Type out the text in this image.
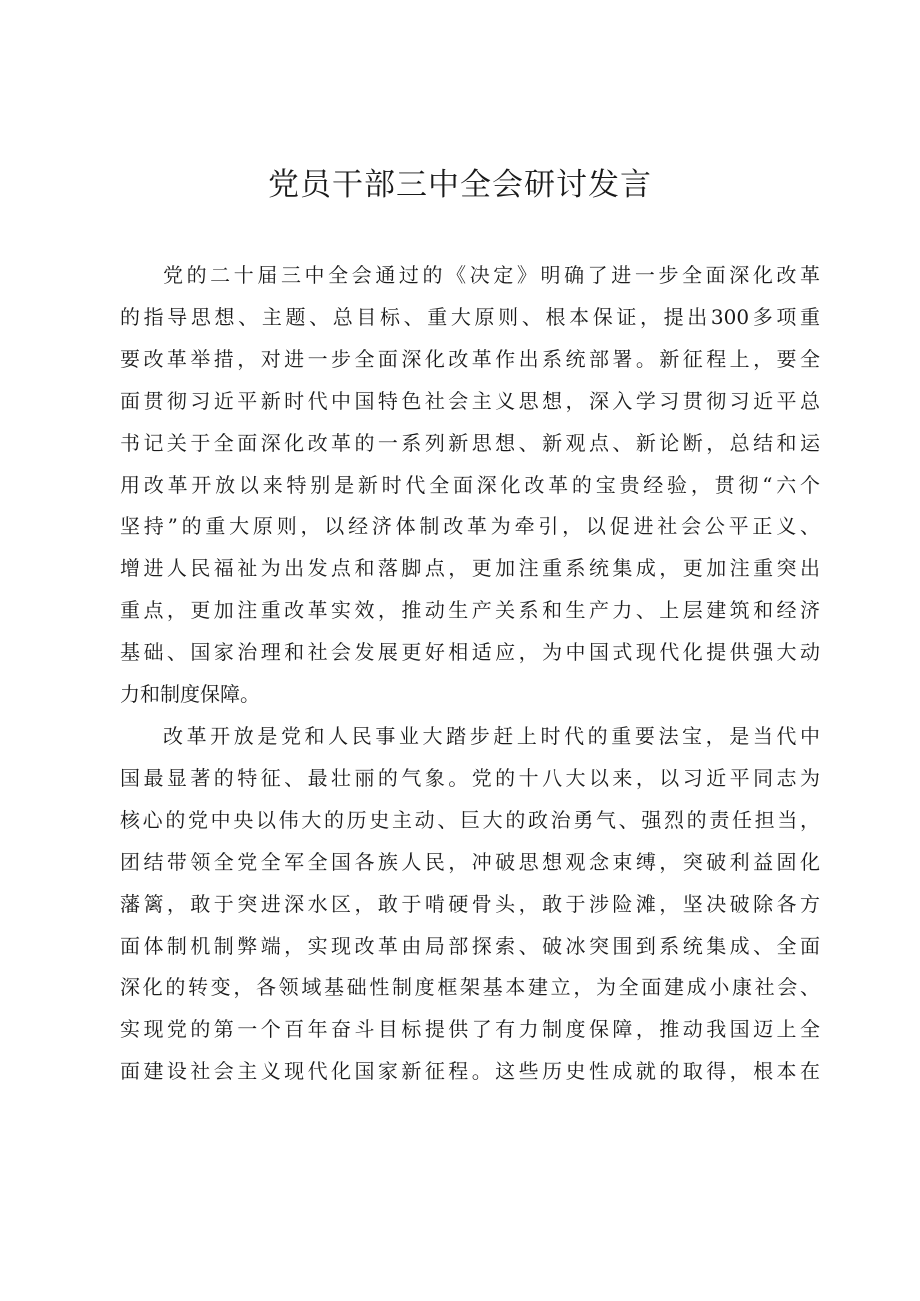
党员干部三中全会研讨发言

党的二十届三中全会通过的《决定》明确了进一步全面深化改革
的指导思想、主题、总目标、重大原则、根本保证，提出300多项重
要改革举措，对进一步全面深化改革作出系统部署。新征程上，要全
面贯彻习近平新时代中国特色社会主义思想，深入学习贯彻习近平总
书记关于全面深化改革的一系列新思想、新观点、新论断，总结和运
用改革开放以来特别是新时代全面深化改革的宝贵经验，贯彻“六个
坚持”的重大原则，以经济体制改革为牵引，以促进社会公平正义、
增进人民福祉为出发点和落脚点，更加注重系统集成，更加注重突出
重点，更加注重改革实效，推动生产关系和生产力、上层建筑和经济
基础、国家治理和社会发展更好相适应，为中国式现代化提供强大动
力和制度保障。

改革开放是党和人民事业大踏步赶上时代的重要法宝，是当代中
国最显著的特征、最壮丽的气象。党的十八大以来，以习近平同志为
核心的党中央以伟大的历史主动、巨大的政治勇气、强烈的责任担当，
团结带领全党全军全国各族人民，冲破思想观念束缚，突破利益固化
藩篱，敢于突进深水区，敢于啃硬骨头，敢于涉险滩，坚决破除各方
面体制机制弊端，实现改革由局部探索、破冰突围到系统集成、全面
深化的转变，各领域基础性制度框架基本建立，为全面建成小康社会、
实现党的第一个百年奋斗目标提供了有力制度保障，推动我国迈上全
面建设社会主义现代化国家新征程。这些历史性成就的取得，根本在
